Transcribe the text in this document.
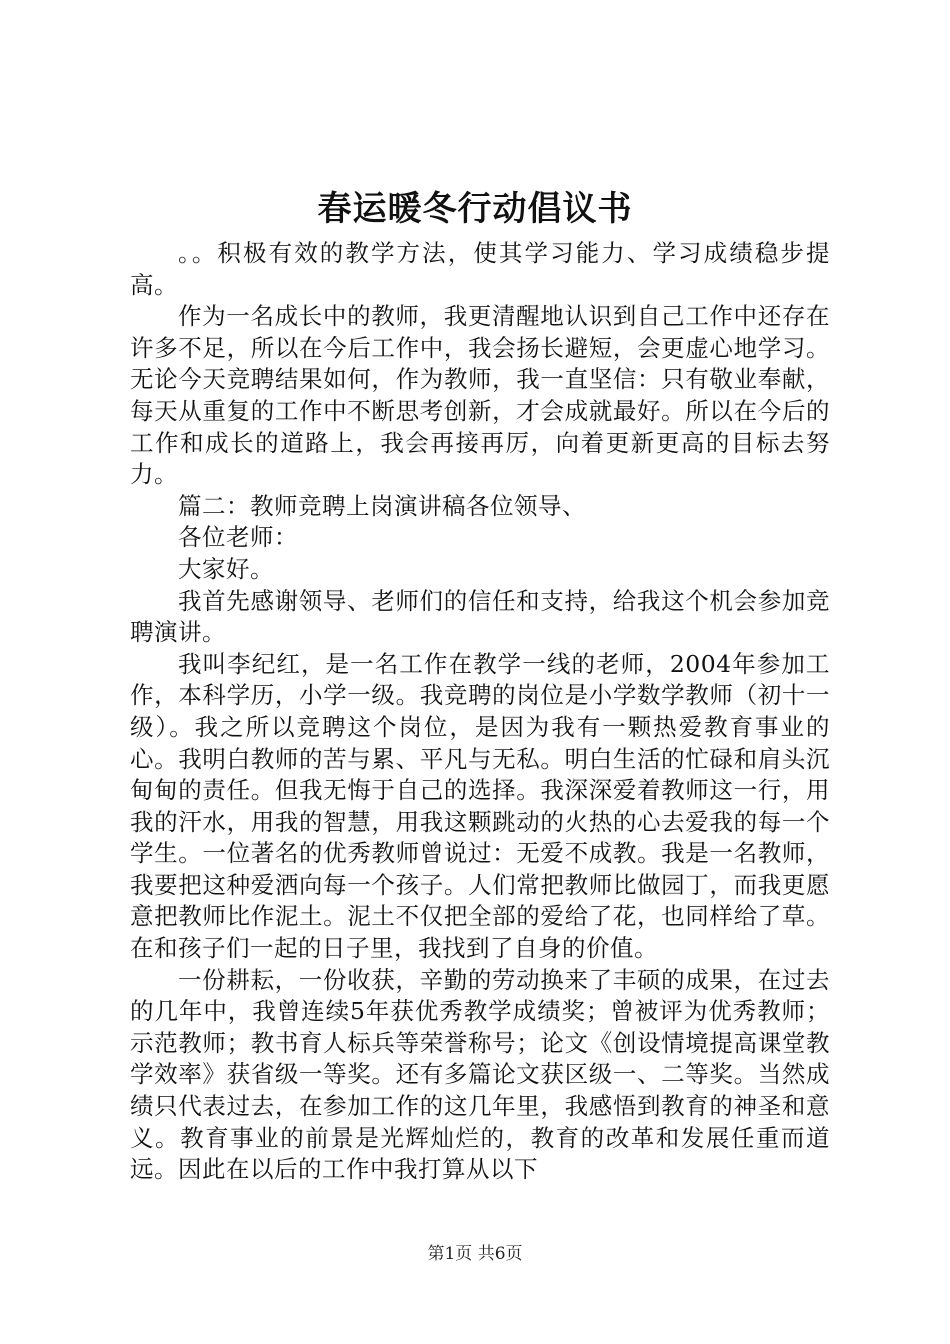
春运暖冬行动倡议书

。。积极有效的教学方法，使其学习能力、学习成绩稳步提高。

作为一名成长中的教师，我更清醒地认识到自己工作中还存在许多不足，所以在今后工作中，我会扬长避短，会更虚心地学习。无论今天竞聘结果如何，作为教师，我一直坚信：只有敬业奉献，每天从重复的工作中不断思考创新，才会成就最好。所以在今后的工作和成长的道路上，我会再接再厉，向着更新更高的目标去努力。

篇二：教师竞聘上岗演讲稿各位领导、

各位老师：

大家好。

我首先感谢领导、老师们的信任和支持，给我这个机会参加竞聘演讲。

我叫李纪红，是一名工作在教学一线的老师，2004年参加工作，本科学历，小学一级。我竞聘的岗位是小学数学教师（初十一级）。我之所以竞聘这个岗位，是因为我有一颗热爱教育事业的心。我明白教师的苦与累、平凡与无私。明白生活的忙碌和肩头沉甸甸的责任。但我无悔于自己的选择。我深深爱着教师这一行，用我的汗水，用我的智慧，用我这颗跳动的火热的心去爱我的每一个学生。一位著名的优秀教师曾说过：无爱不成教。我是一名教师，我要把这种爱洒向每一个孩子。人们常把教师比做园丁，而我更愿意把教师比作泥土。泥土不仅把全部的爱给了花，也同样给了草。在和孩子们一起的日子里，我找到了自身的价值。

一份耕耘，一份收获，辛勤的劳动换来了丰硕的成果，在过去的几年中，我曾连续5年获优秀教学成绩奖；曾被评为优秀教师；示范教师；教书育人标兵等荣誉称号；论文《创设情境提高课堂教学效率》获省级一等奖。还有多篇论文获区级一、二等奖。当然成绩只代表过去，在参加工作的这几年里，我感悟到教育的神圣和意义。教育事业的前景是光辉灿烂的，教育的改革和发展任重而道远。因此在以后的工作中我打算从以下

第1页 共6页
